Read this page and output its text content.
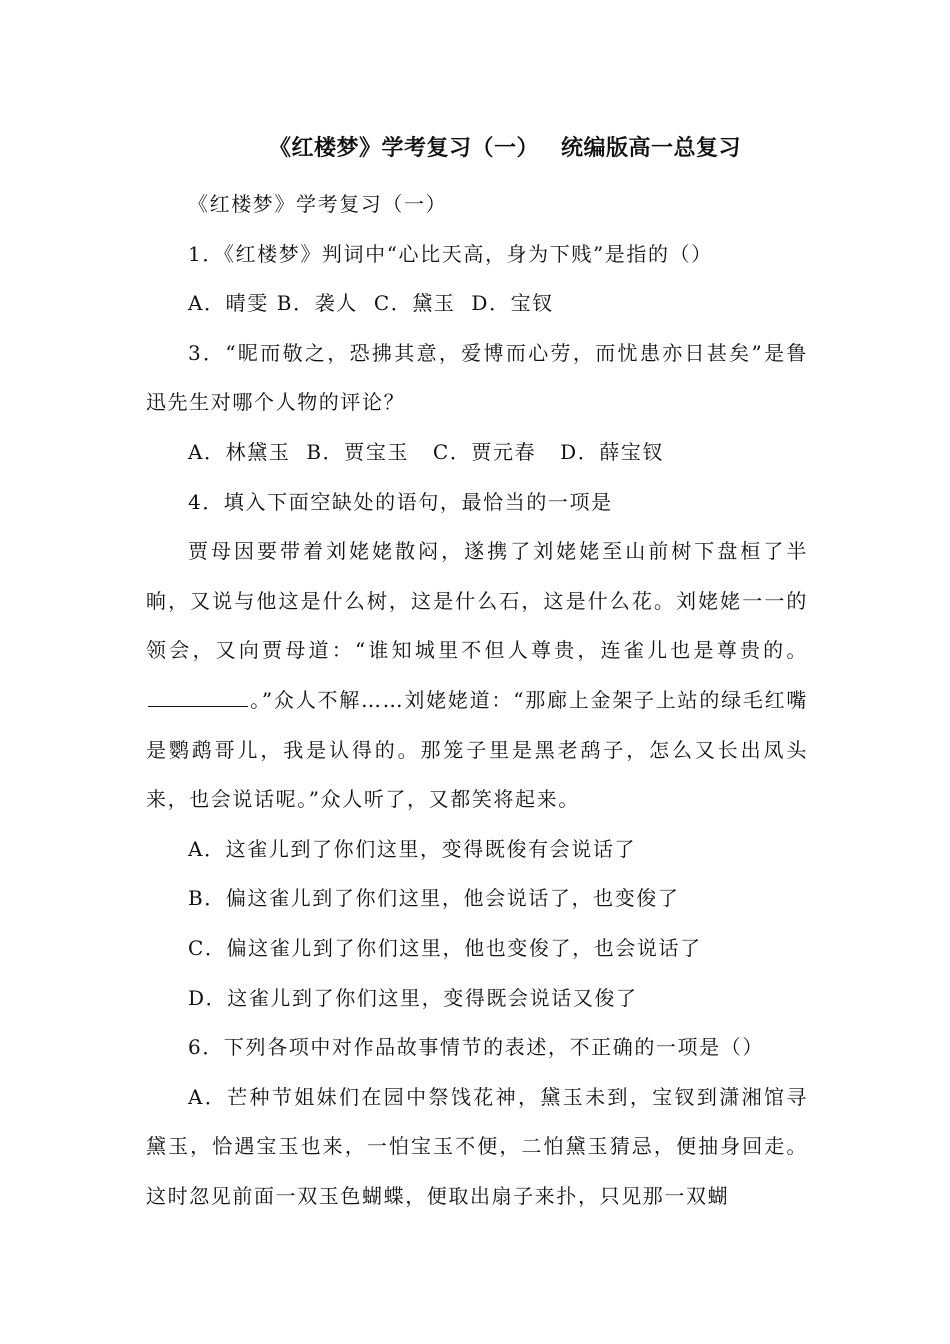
《红楼梦》学考复习（一） 统编版高一总复习

《红楼梦》学考复习（一）

1．《红楼梦》判词中“心比天高，身为下贱”是指的（）

A．晴雯 B．袭人  C．黛玉  D．宝钗

3．“昵而敬之，恐拂其意，爱博而心劳，而忧患亦日甚矣”是鲁迅先生对哪个人物的评论？

A．林黛玉  B．贾宝玉   C．贾元春   D．薛宝钗

4．填入下面空缺处的语句，最恰当的一项是

贾母因要带着刘姥姥散闷，遂携了刘姥姥至山前树下盘桓了半晌，又说与他这是什么树，这是什么石，这是什么花。刘姥姥一一的领会，又向贾母道：“谁知城里不但人尊贵，连雀儿也是尊贵的。。”众人不解……刘姥姥道：“那廊上金架子上站的绿毛红嘴是鹦鹉哥儿，我是认得的。那笼子里是黑老鸹子，怎么又长出凤头来，也会说话呢。”众人听了，又都笑将起来。

A．这雀儿到了你们这里，变得既俊有会说话了

B．偏这雀儿到了你们这里，他会说话了，也变俊了

C．偏这雀儿到了你们这里，他也变俊了，也会说话了

D．这雀儿到了你们这里，变得既会说话又俊了

6．下列各项中对作品故事情节的表述，不正确的一项是（）

A．芒种节姐妹们在园中祭饯花神，黛玉未到，宝钗到潇湘馆寻黛玉，恰遇宝玉也来，一怕宝玉不便，二怕黛玉猜忌，便抽身回走。这时忽见前面一双玉色蝴蝶，便取出扇子来扑，只见那一双蝴
